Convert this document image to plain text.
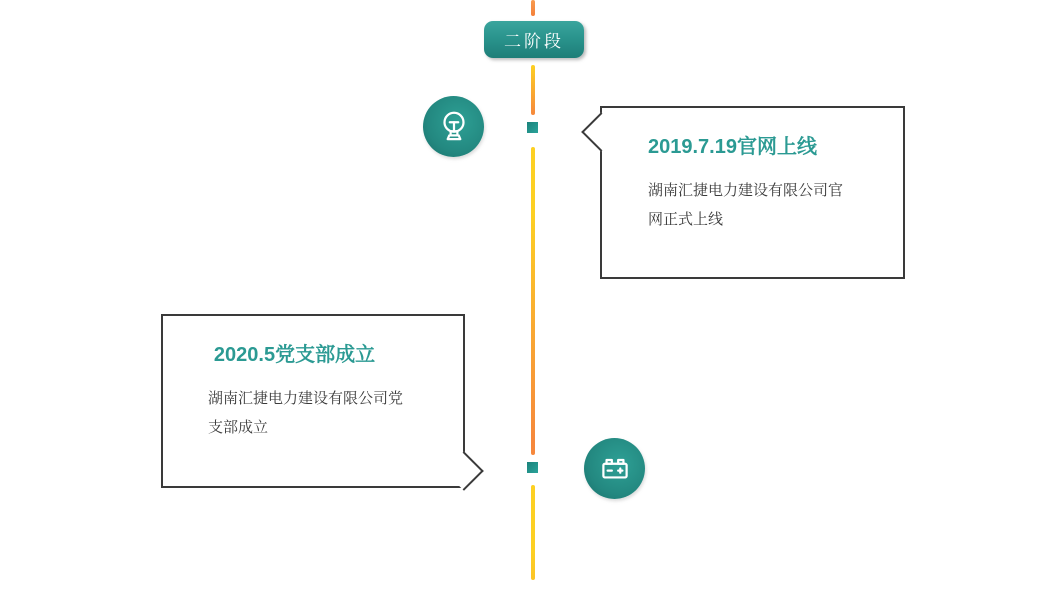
二阶段
2019.7.19官网上线

湖南汇捷电力建设有限公司官网正式上线

2020.5党支部成立

湖南汇捷电力建设有限公司党支部成立
